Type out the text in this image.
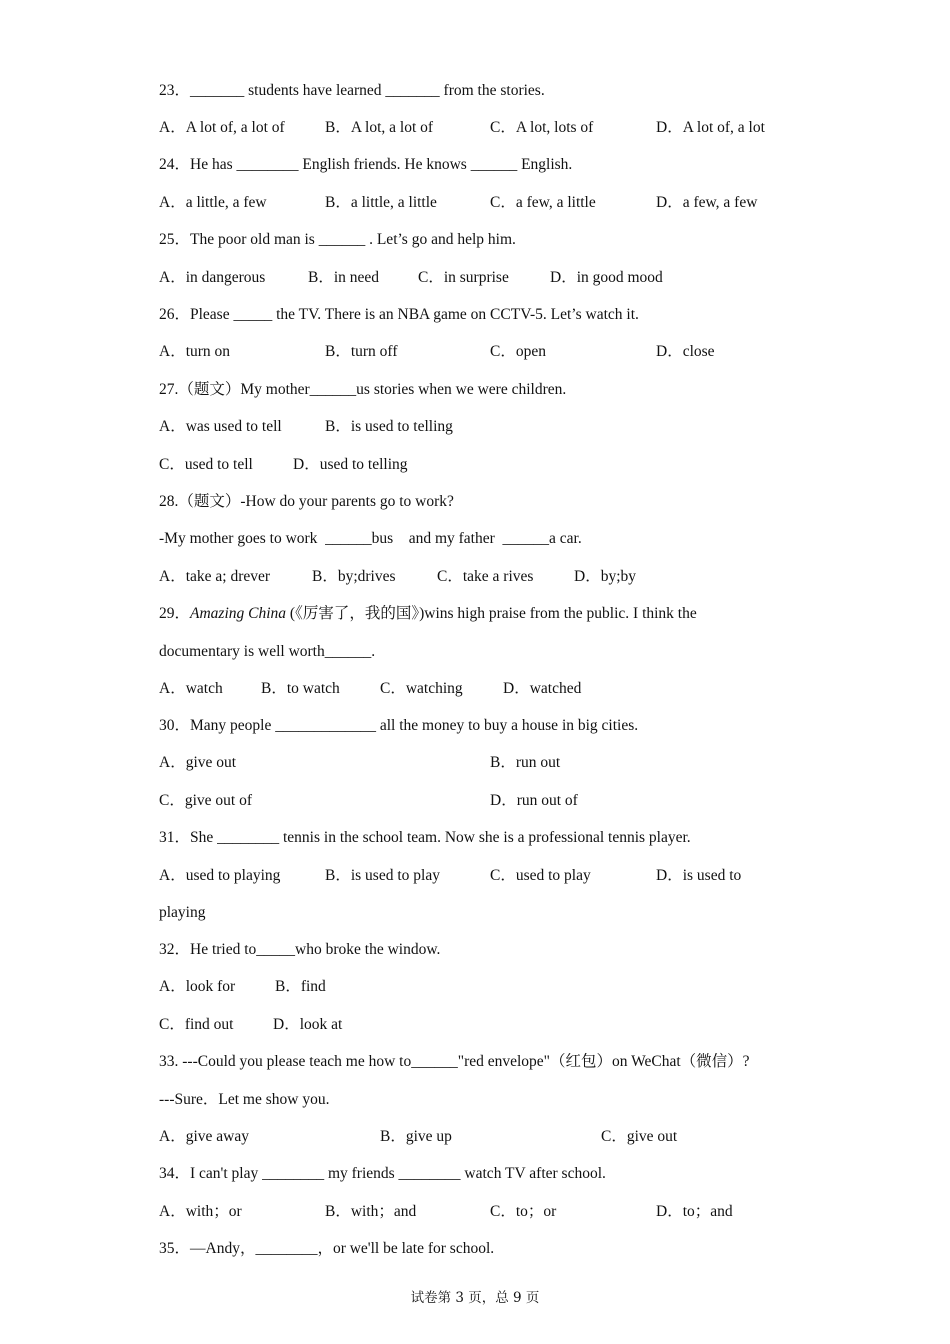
23．_______ students have learned _______ from the stories.
A．A lot of, a lot of	B．A lot, a lot of	C．A lot, lots of	D．A lot of, a lot
24．He has ________ English friends. He knows ______ English.
A．a little, a few	B．a little, a little	C．a few, a little	D．a few, a few
25．The poor old man is ______ . Let’s go and help him.
A．in dangerous	B．in need	C．in surprise	D．in good mood
26．Please _____ the TV. There is an NBA game on CCTV-5. Let’s watch it.
A．turn on	B．turn off	C．open	D．close
27.（题文）My mother______us stories when we were children.
A．was used to tell	B．is used to telling
C．used to tell	D．used to telling
28.（题文）-How do your parents go to work?
-My mother goes to work  ______bus    and my father  ______a car.
A．take a; drever	B．by;drives	C．take a rives	D．by;by
29．Amazing China (《厉害了，我的国》)wins high praise from the public. I think the
documentary is well worth______.
A．watch B．to watch	C．watching	D．watched
30．Many people _____________ all the money to buy a house in big cities.
A．give out	B．run out
C．give out of	D．run out of
31．She ________ tennis in the school team. Now she is a professional tennis player.
A．used to playing	B．is used to play	C．used to play	D．is used to
playing
32．He tried to_____who broke the window.
A．look for	B．find
C．find out	D．look at
33. ---Could you please teach me how to______"red envelope"（红包）on WeChat（微信）?
---Sure．Let me show you.
A．give away	B．give up	C．give out
34．I can't play ________ my friends ________ watch TV after school.
A．with；or	B．with；and	C．to；or	D．to；and
35．—Andy，________，or we'll be late for school.
试卷第 3 页，总 9 页
